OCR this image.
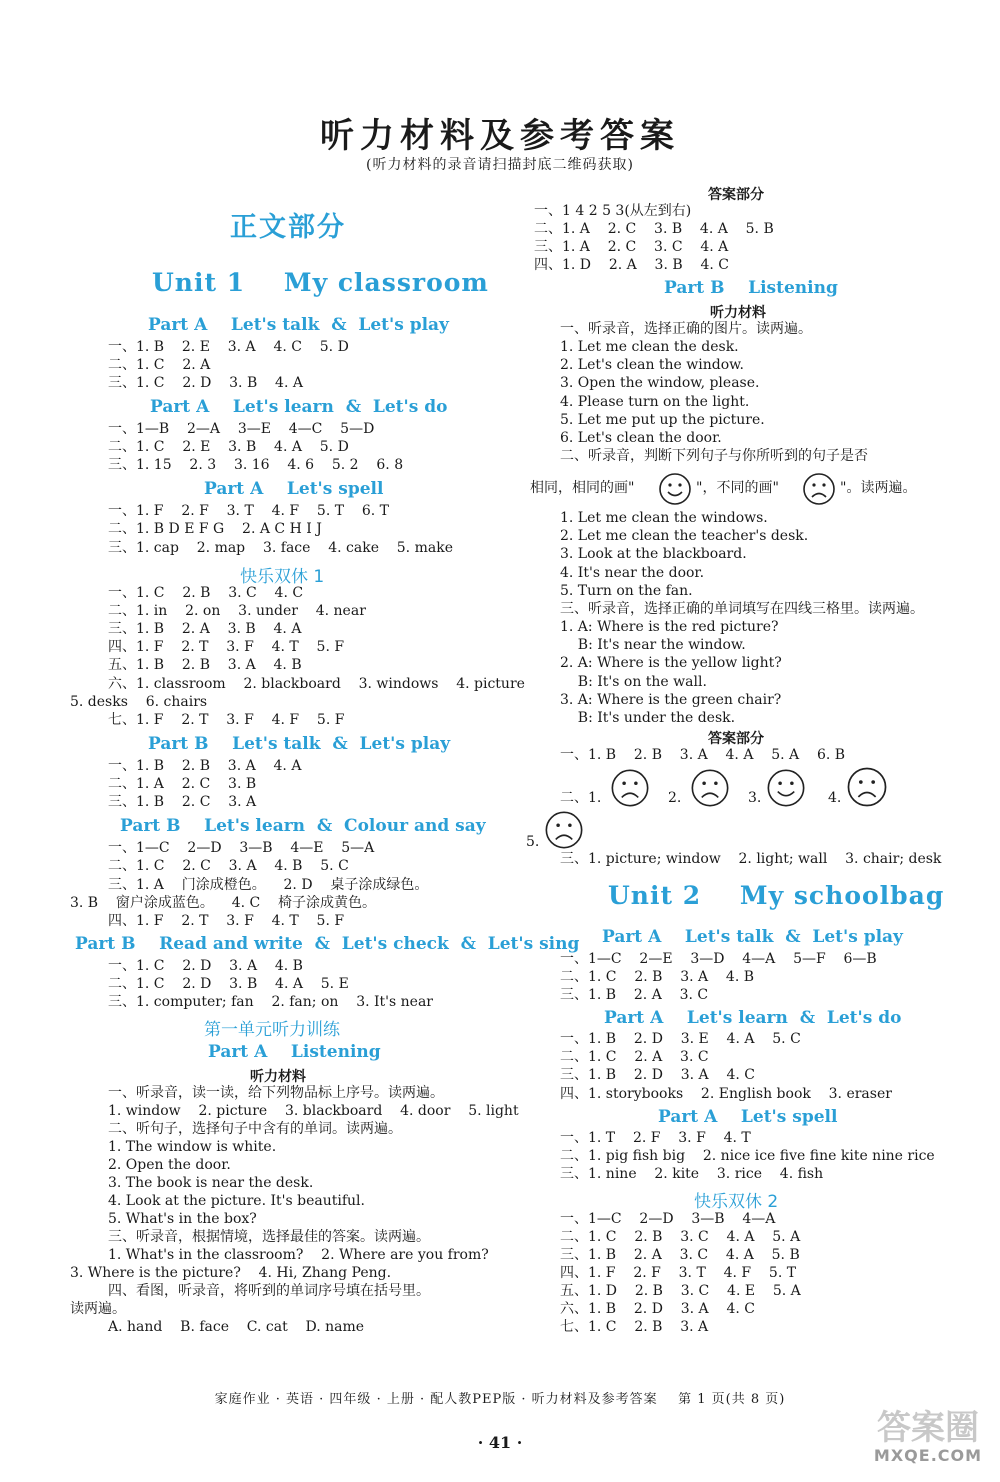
听力材料及参考答案
(听力材料的录音请扫描封底二维码获取)
正文部分
Unit 1    My classroom
Part A    Let's talk  &  Let's play
一、1. B    2. E    3. A    4. C    5. D
二、1. C    2. A
三、1. C    2. D    3. B    4. A
Part A    Let's learn  &  Let's do
一、1—B    2—A    3—E    4—C    5—D
二、1. C    2. E    3. B    4. A    5. D
三、1. 15    2. 3    3. 16    4. 6    5. 2    6. 8
Part A    Let's spell
一、1. F    2. F    3. T    4. F    5. T    6. T
二、1. B D E F G    2. A C H I J
三、1. cap    2. map    3. face    4. cake    5. make
快乐双休 1
一、1. C    2. B    3. C    4. C
二、1. in    2. on    3. under    4. near
三、1. B    2. A    3. B    4. A
四、1. F    2. T    3. F    4. T    5. F
五、1. B    2. B    3. A    4. B
六、1. classroom    2. blackboard    3. windows    4. picture
5. desks    6. chairs
七、1. F    2. T    3. F    4. F    5. F
Part B    Let's talk  &  Let's play
一、1. B    2. B    3. A    4. A
二、1. A    2. C    3. B
三、1. B    2. C    3. A
Part B    Let's learn  &  Colour and say
一、1—C    2—D    3—B    4—E    5—A
二、1. C    2. C    3. A    4. B    5. C
三、1. A    门涂成橙色。    2. D    桌子涂成绿色。
3. B    窗户涂成蓝色。    4. C    椅子涂成黄色。
四、1. F    2. T    3. F    4. T    5. F
Part B    Read and write  &  Let's check  &  Let's sing
一、1. C    2. D    3. A    4. B
二、1. C    2. D    3. B    4. A    5. E
三、1. computer; fan    2. fan; on    3. It's near
第一单元听力训练
Part A    Listening
听力材料
一、听录音，读一读，给下列物品标上序号。读两遍。
1. window    2. picture    3. blackboard    4. door    5. light
二、听句子，选择句子中含有的单词。读两遍。
1. The window is white.
2. Open the door.
3. The book is near the desk.
4. Look at the picture. It's beautiful.
5. What's in the box?
三、听录音，根据情境，选择最佳的答案。读两遍。
1. What's in the classroom?    2. Where are you from?
3. Where is the picture?    4. Hi, Zhang Peng.
四、看图，听录音，将听到的单词序号填在括号里。
读两遍。
A. hand    B. face    C. cat    D. name
答案部分
一、1 4 2 5 3(从左到右)
二、1. A    2. C    3. B    4. A    5. B
三、1. A    2. C    3. C    4. A
四、1. D    2. A    3. B    4. C
Part B    Listening
听力材料
一、听录音，选择正确的图片。读两遍。
1. Let me clean the desk.
2. Let's clean the window.
3. Open the window, please.
4. Please turn on the light.
5. Let me put up the picture.
6. Let's clean the door.
二、听录音，判断下列句子与你所听到的句子是否
相同，相同的画"	"，不同的画"	"。读两遍。
1. Let me clean the windows.
2. Let me clean the teacher's desk.
3. Look at the blackboard.
4. It's near the door.
5. Turn on the fan.
三、听录音，选择正确的单词填写在四线三格里。读两遍。
1. A: Where is the red picture?
B: It's near the window.
2. A: Where is the yellow light?
B: It's on the wall.
3. A: Where is the green chair?
B: It's under the desk.
答案部分
一、1. B    2. B    3. A    4. A    5. A    6. B
二、1.	2.	3.	4.
5.
三、1. picture; window    2. light; wall    3. chair; desk
Unit 2    My schoolbag
Part A    Let's talk  &  Let's play
一、1—C    2—E    3—D    4—A    5—F    6—B
二、1. C    2. B    3. A    4. B
三、1. B    2. A    3. C
Part A    Let's learn  &  Let's do
一、1. B    2. D    3. E    4. A    5. C
二、1. C    2. A    3. C
三、1. B    2. D    3. A    4. C
四、1. storybooks    2. English book    3. eraser
Part A    Let's spell
一、1. T    2. F    3. F    4. T
二、1. pig fish big    2. nice ice five fine kite nine rice
三、1. nine    2. kite    3. rice    4. fish
快乐双休 2
一、1—C    2—D    3—B    4—A
二、1. C    2. B    3. C    4. A    5. A
三、1. B    2. A    3. C    4. A    5. B
四、1. F    2. F    3. T    4. F    5. T
五、1. D    2. B    3. C    4. E    5. A
六、1. B    2. D    3. A    4. C
七、1. C    2. B    3. A
家庭作业 · 英语 · 四年级 · 上册 · 配人教PEP版 · 听力材料及参考答案    第 1 页(共 8 页)
· 41 ·	答案圈
MXQE.COM
